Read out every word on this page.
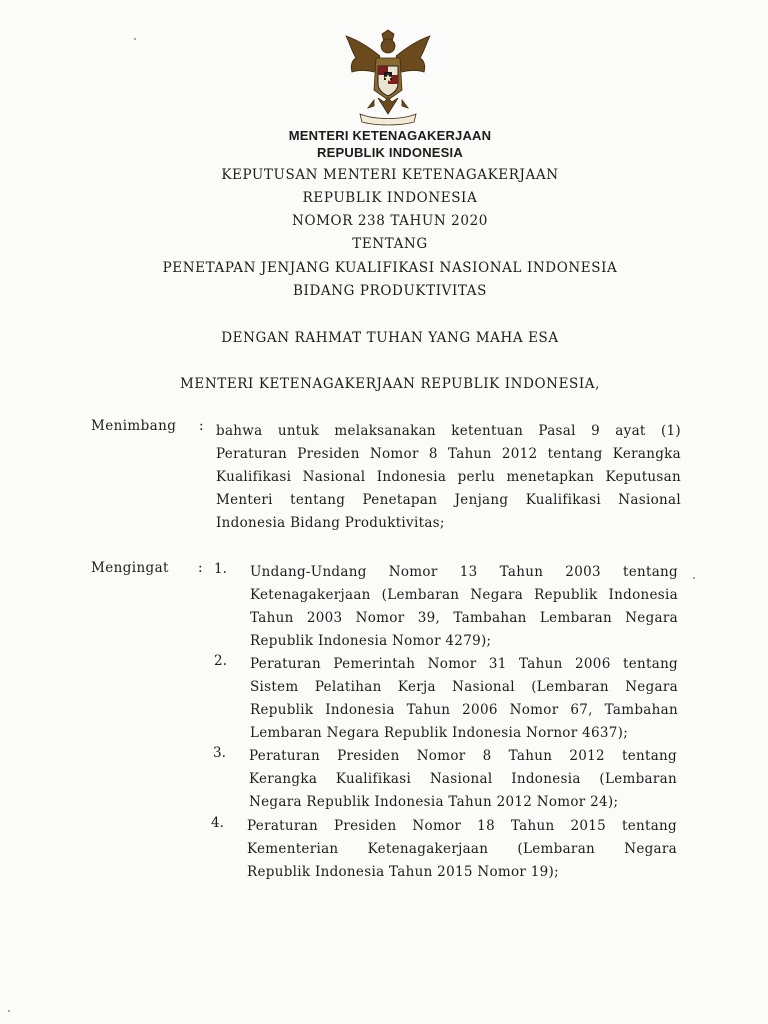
MENTERI KETENAGAKERJAAN
REPUBLIK INDONESIA
KEPUTUSAN MENTERI KETENAGAKERJAAN
REPUBLIK INDONESIA
NOMOR 238 TAHUN 2020
TENTANG
PENETAPAN JENJANG KUALIFIKASI NASIONAL INDONESIA
BIDANG PRODUKTIVITAS
DENGAN RAHMAT TUHAN YANG MAHA ESA
MENTERI KETENAGAKERJAAN REPUBLIK INDONESIA,
Menimbang : bahwa untuk melaksanakan ketentuan Pasal 9 ayat (1)
Peraturan Presiden Nomor 8 Tahun 2012 tentang Kerangka
Kualifikasi Nasional Indonesia perlu menetapkan Keputusan
Menteri tentang Penetapan Jenjang Kualifikasi Nasional
Indonesia Bidang Produktivitas;
Mengingat : 1. Undang-Undang Nomor 13 Tahun 2003 tentang
Ketenagakerjaan (Lembaran Negara Republik Indonesia
Tahun 2003 Nomor 39, Tambahan Lembaran Negara
Republik Indonesia Nomor 4279);
2. Peraturan Pemerintah Nomor 31 Tahun 2006 tentang
Sistem Pelatihan Kerja Nasional (Lembaran Negara
Republik Indonesia Tahun 2006 Nomor 67, Tambahan
Lembaran Negara Republik Indonesia Nornor 4637);
3. Peraturan Presiden Nomor 8 Tahun 2012 tentang
Kerangka Kualifikasi Nasional Indonesia (Lembaran
Negara Republik Indonesia Tahun 2012 Nomor 24);
4. Peraturan Presiden Nomor 18 Tahun 2015 tentang
Kementerian Ketenagakerjaan (Lembaran Negara
Republik Indonesia Tahun 2015 Nomor 19);
